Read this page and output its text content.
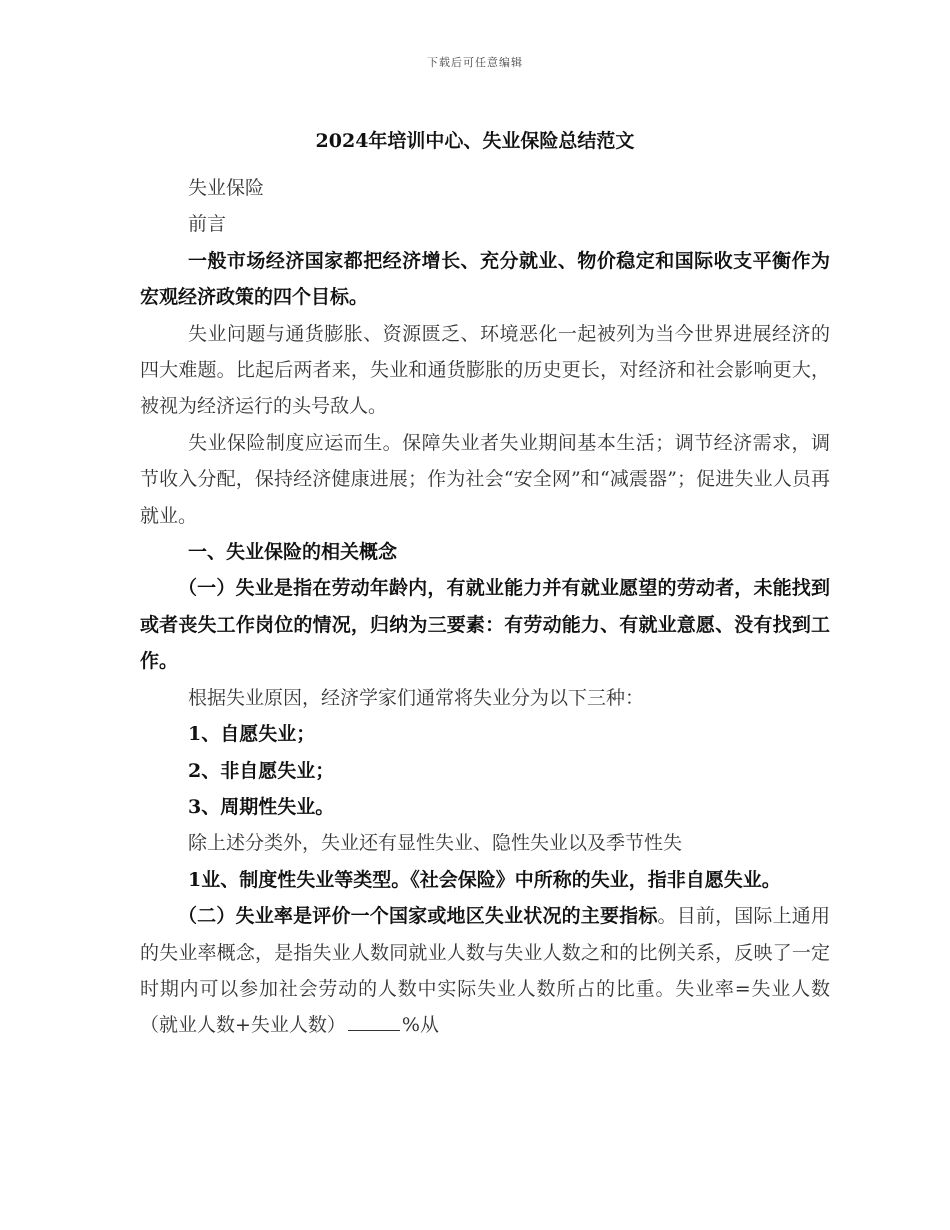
下载后可任意编辑
2024年培训中心、失业保险总结范文

失业保险

前言

一般市场经济国家都把经济增长、充分就业、物价稳定和国际收支平衡作为宏观经济政策的四个目标。

失业问题与通货膨胀、资源匮乏、环境恶化一起被列为当今世界进展经济的四大难题。比起后两者来，失业和通货膨胀的历史更长，对经济和社会影响更大，被视为经济运行的头号敌人。

失业保险制度应运而生。保障失业者失业期间基本生活；调节经济需求，调节收入分配，保持经济健康进展；作为社会“安全网”和“减震器”；促进失业人员再就业。

一、失业保险的相关概念

（一）失业是指在劳动年龄内，有就业能力并有就业愿望的劳动者，未能找到或者丧失工作岗位的情况，归纳为三要素：有劳动能力、有就业意愿、没有找到工作。

根据失业原因，经济学家们通常将失业分为以下三种：

1、自愿失业；

2、非自愿失业；

3、周期性失业。

除上述分类外，失业还有显性失业、隐性失业以及季节性失

1业、制度性失业等类型。《社会保险》中所称的失业，指非自愿失业。

（二）失业率是评价一个国家或地区失业状况的主要指标。目前，国际上通用的失业率概念，是指失业人数同就业人数与失业人数之和的比例关系，反映了一定时期内可以参加社会劳动的人数中实际失业人数所占的比重。失业率=失业人数（就业人数+失业人数）	%从
